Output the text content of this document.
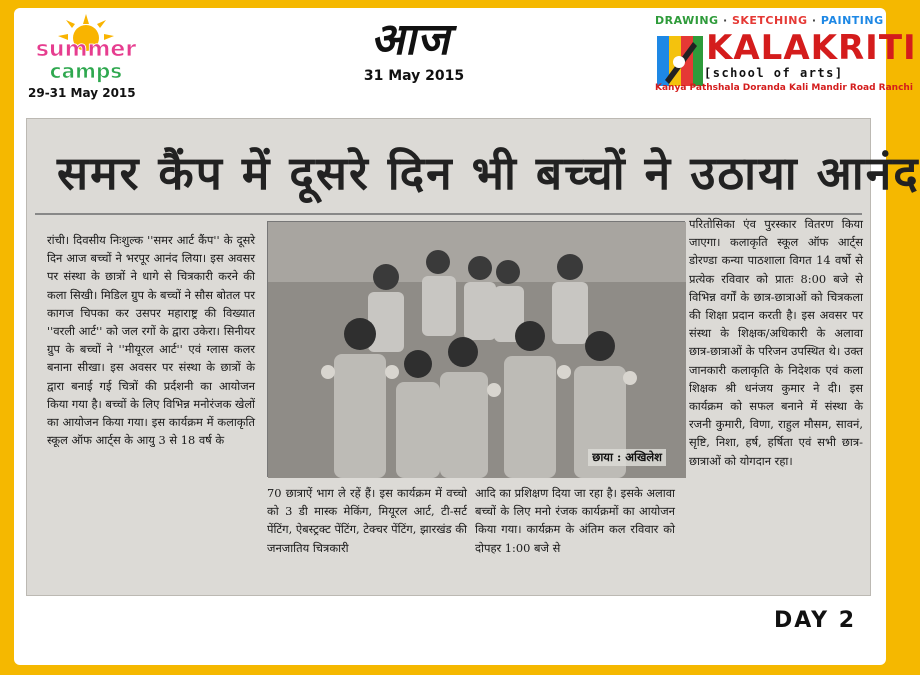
summer
camps
29-31 May 2015
आज
31 May 2015
DRAWING · SKETCHING · PAINTING
KALAKRITI
[school of arts]
Kanya Pathshala Doranda Kali Mandir Road Ranchi
समर कैंप में दूसरे दिन भी बच्चों ने उठाया आनंद

रांची। दिवसीय निःशुल्क ''समर आर्ट कैंप'' के दूसरे दिन आज बच्चों ने भरपूर आनंद लिया। इस अवसर पर संस्था के छात्रों ने धागे से चित्रकारी करने की कला सिखी। मिडिल ग्रुप के बच्चों ने सौस बोतल पर कागज चिपका कर उसपर महाराष्ट्र की विख्यात ''वरली आर्ट'' को जल रगों के द्वारा उकेरा। सिनीयर ग्रुप के बच्चों ने ''मीयूरल आर्ट'' एवं ग्लास कलर बनाना सीखा। इस अवसर पर संस्था के छात्रों के द्वारा बनाई गई चित्रों की प्रर्दशनी का आयोजन किया गया है। बच्चों के लिए विभिन्न मनोरंजक खेलों का आयोजन किया गया। इस कार्यक्रम में कलाकृति स्कूल ऑफ आर्ट्स के आयु 3 से 18 वर्ष के

छाया : अखिलेश

70 छात्राऐं भाग ले रहें हैं। इस कार्यक्रम में वच्चो को 3 डी मास्क मेकिंग, मियूरल आर्ट, टी-सर्ट पेंटिंग, ऐबस्ट्रक्ट पेंटिंग, टेक्चर पेंटिंग, झारखंड की जनजातिय चित्रकारी

आदि का प्रशिक्षण दिया जा रहा है। इसके अलावा बच्चों के लिए मनो रंजक कार्यक्रमों का आयोजन किया गया। कार्यक्रम के अंतिम कल रविवार को दोपहर 1:00 बजे से

परितोसिका एंव पुरस्कार वितरण किया जाएगा। कलाकृति स्कूल ऑफ आर्ट्स डोरण्डा कन्या पाठशाला विगत 14 वर्षो से प्रत्येक रविवार को प्रातः 8:00 बजे से विभिन्न वर्गों के छात्र-छात्राओं को चित्रकला की शिक्षा प्रदान करती है। इस अवसर पर संस्था के शिक्षक/अधिकारी के अलावा छात्र-छात्राओं के परिजन उपस्थित थे। उक्त जानकारी कलाकृति के निदेशक एवं कला शिक्षक श्री धनंजय कुमार ने दी। इस कार्यक्रम को सफल बनाने में संस्था के रजनी कुमारी, विणा, राहुल मौसम, सावनं, सृष्टि, निशा, हर्ष, हर्षिता एवं सभी छात्र-छात्राओं को योगदान रहा।

DAY 2
